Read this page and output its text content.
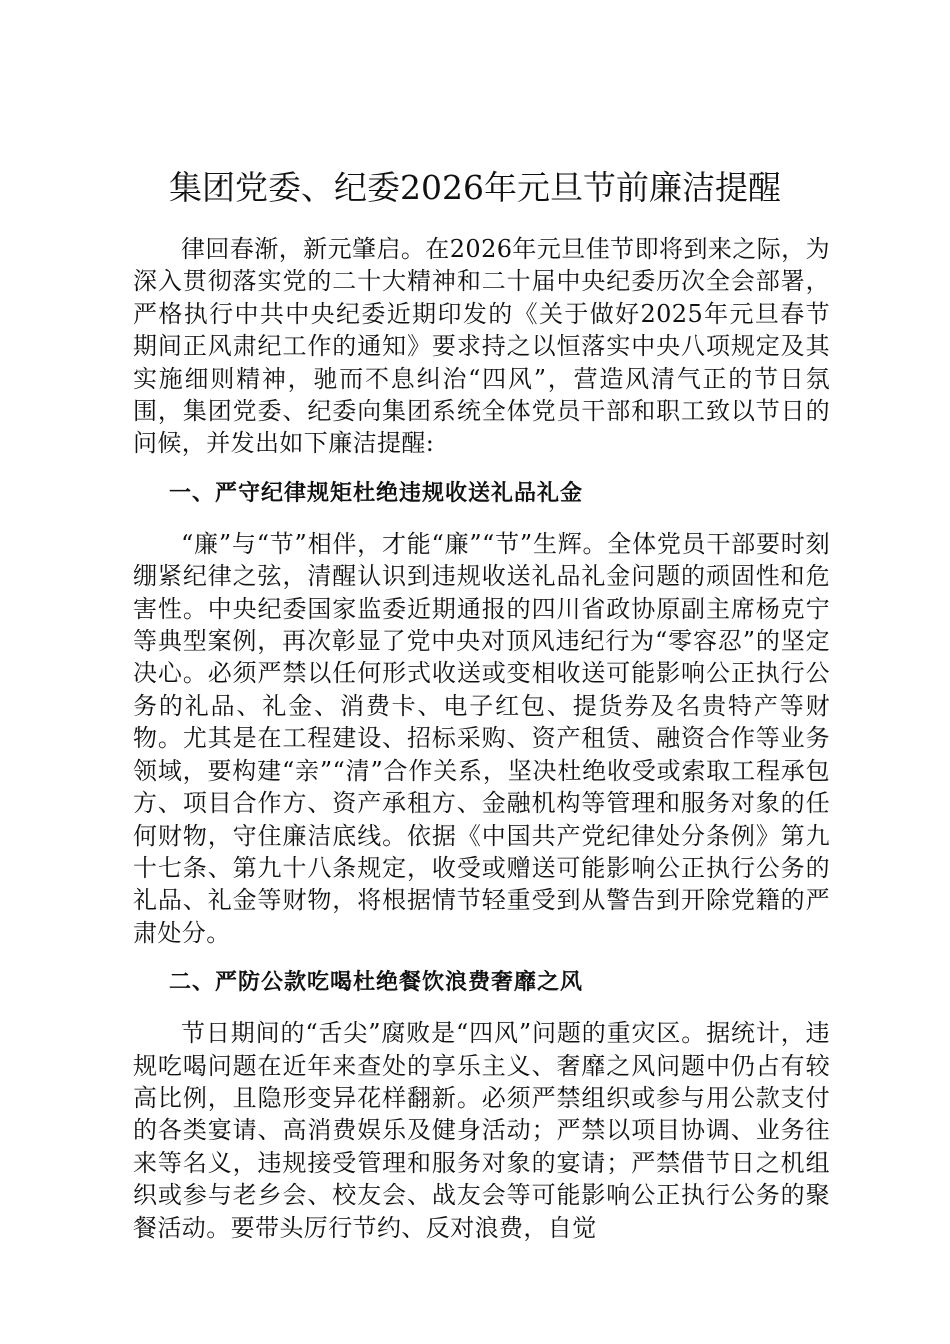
集团党委、纪委2026年元旦节前廉洁提醒

律回春渐，新元肇启。在2026年元旦佳节即将到来之际，为深入贯彻落实党的二十大精神和二十届中央纪委历次全会部署，严格执行中共中央纪委近期印发的《关于做好2025年元旦春节期间正风肃纪工作的通知》要求持之以恒落实中央八项规定及其实施细则精神，驰而不息纠治“四风”，营造风清气正的节日氛围，集团党委、纪委向集团系统全体党员干部和职工致以节日的问候，并发出如下廉洁提醒:

一、严守纪律规矩杜绝违规收送礼品礼金

“廉”与“节”相伴，才能“廉”“节”生辉。全体党员干部要时刻绷紧纪律之弦，清醒认识到违规收送礼品礼金问题的顽固性和危害性。中央纪委国家监委近期通报的四川省政协原副主席杨克宁等典型案例，再次彰显了党中央对顶风违纪行为“零容忍”的坚定决心。必须严禁以任何形式收送或变相收送可能影响公正执行公务的礼品、礼金、消费卡、电子红包、提货券及名贵特产等财物。尤其是在工程建设、招标采购、资产租赁、融资合作等业务领域，要构建“亲”“清”合作关系，坚决杜绝收受或索取工程承包方、项目合作方、资产承租方、金融机构等管理和服务对象的任何财物，守住廉洁底线。依据《中国共产党纪律处分条例》第九十七条、第九十八条规定，收受或赠送可能影响公正执行公务的礼品、礼金等财物，将根据情节轻重受到从警告到开除党籍的严肃处分。

二、严防公款吃喝杜绝餐饮浪费奢靡之风

节日期间的“舌尖”腐败是“四风”问题的重灾区。据统计，违规吃喝问题在近年来查处的享乐主义、奢靡之风问题中仍占有较高比例，且隐形变异花样翻新。必须严禁组织或参与用公款支付的各类宴请、高消费娱乐及健身活动；严禁以项目协调、业务往来等名义，违规接受管理和服务对象的宴请；严禁借节日之机组织或参与老乡会、校友会、战友会等可能影响公正执行公务的聚餐活动。要带头厉行节约、反对浪费，自觉
